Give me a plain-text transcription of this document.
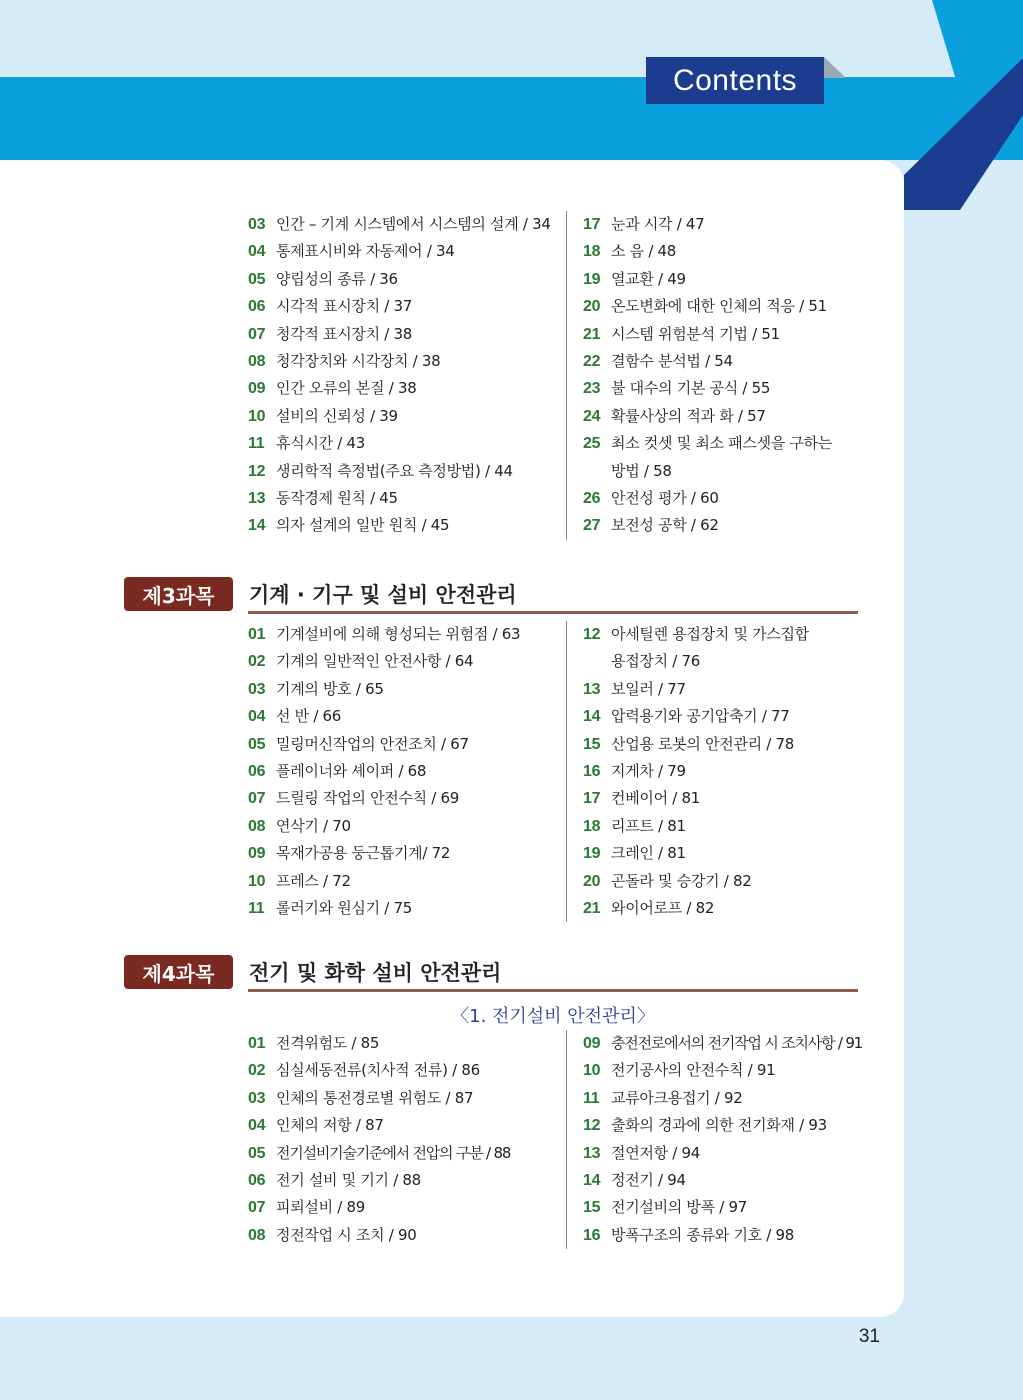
Contents
03 인간 – 기계 시스템에서 시스템의 설계 / 34
04 통제표시비와 자동제어 / 34
05 양립성의 종류 / 36
06 시각적 표시장치 / 37
07 청각적 표시장치 / 38
08 청각장치와 시각장치 / 38
09 인간 오류의 본질 / 38
10 설비의 신뢰성 / 39
11 휴식시간 / 43
12 생리학적 측정법(주요 측정방법) / 44
13 동작경제 원칙 / 45
14 의자 설계의 일반 원칙 / 45
17 눈과 시각 / 47
18 소 음 / 48
19 열교환 / 49
20 온도변화에 대한 인체의 적응 / 51
21 시스템 위험분석 기법 / 51
22 결함수 분석법 / 54
23 불 대수의 기본 공식 / 55
24 확률사상의 적과 화 / 57
25 최소 컷셋 및 최소 패스셋을 구하는
방법 / 58
26 안전성 평가 / 60
27 보전성 공학 / 62
제3과목	기계 · 기구 및 설비 안전관리
01 기계설비에 의해 형성되는 위험점 / 63
02 기계의 일반적인 안전사항 / 64
03 기계의 방호 / 65
04 선 반 / 66
05 밀링머신작업의 안전조치 / 67
06 플레이너와 셰이퍼 / 68
07 드릴링 작업의 안전수칙 / 69
08 연삭기 / 70
09 목재가공용 둥근톱기계/ 72
10 프레스 / 72
11 롤러기와 원심기 / 75
12 아세틸렌 용접장치 및 가스집합
용접장치 / 76
13 보일러 / 77
14 압력용기와 공기압축기 / 77
15 산업용 로봇의 안전관리 / 78
16 지게차 / 79
17 컨베이어 / 81
18 리프트 / 81
19 크레인 / 81
20 곤돌라 및 승강기 / 82
21 와이어로프 / 82
제4과목	전기 및 화학 설비 안전관리
〈1. 전기설비 안전관리〉
01 전격위험도 / 85
02 심실세동전류(치사적 전류) / 86
03 인체의 통전경로별 위험도 / 87
04 인체의 저항 / 87
05 전기설비기술기준에서 전압의 구분 / 88
06 전기 설비 및 기기 / 88
07 피뢰설비 / 89
08 정전작업 시 조치 / 90
09 충전전로에서의 전기작업 시 조치사항 / 91
10 전기공사의 안전수칙 / 91
11 교류아크용접기 / 92
12 출화의 경과에 의한 전기화재 / 93
13 절연저항 / 94
14 정전기 / 94
15 전기설비의 방폭 / 97
16 방폭구조의 종류와 기호 / 98
31
